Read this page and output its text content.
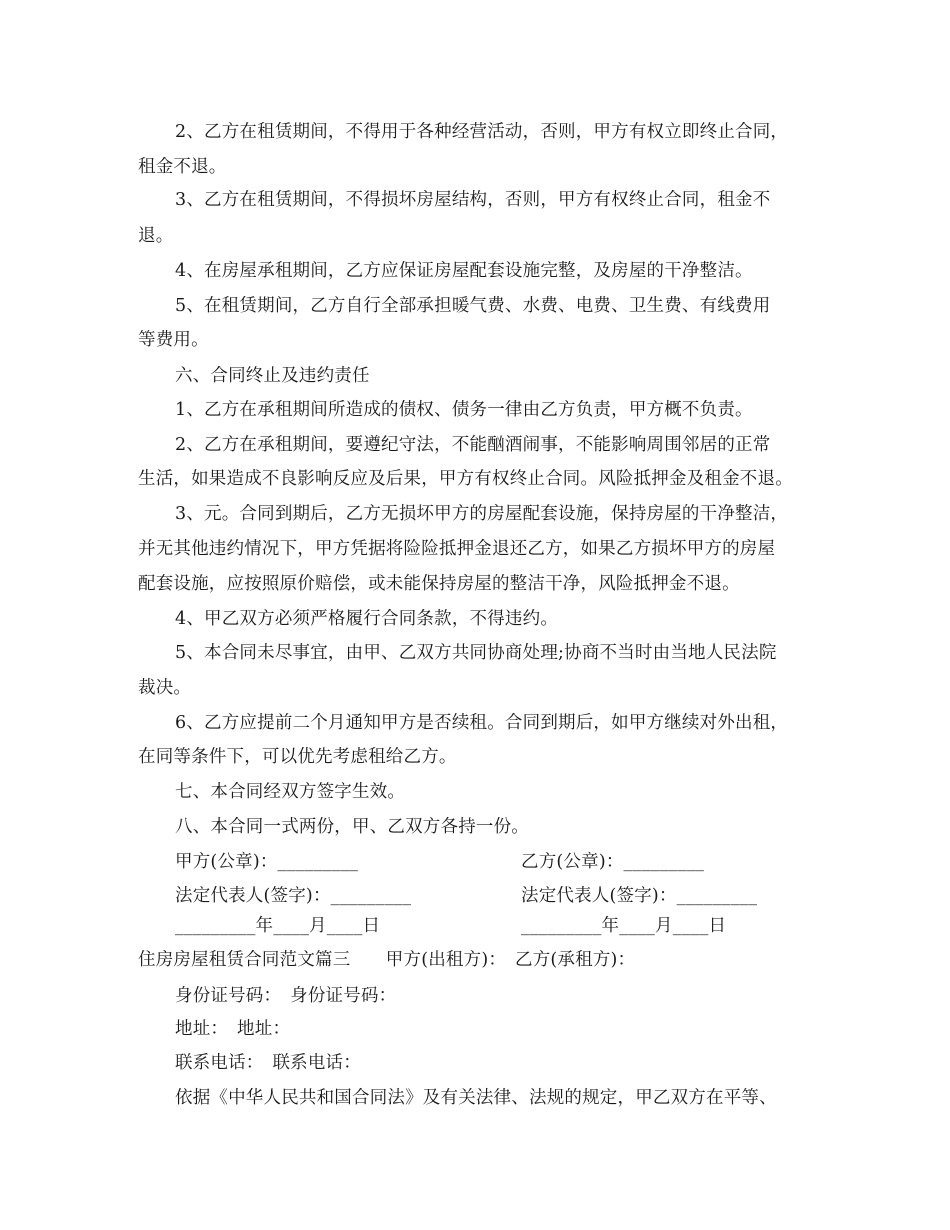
2、乙方在租赁期间，不得用于各种经营活动，否则，甲方有权立即终止合同，
租金不退。
3、乙方在租赁期间，不得损坏房屋结构，否则，甲方有权终止合同，租金不
退。
4、在房屋承租期间，乙方应保证房屋配套设施完整，及房屋的干净整洁。
5、在租赁期间，乙方自行全部承担暖气费、水费、电费、卫生费、有线费用
等费用。
六、合同终止及违约责任
1、乙方在承租期间所造成的债权、债务一律由乙方负责，甲方概不负责。
2、乙方在承租期间，要遵纪守法，不能酗酒闹事，不能影响周围邻居的正常
生活，如果造成不良影响反应及后果，甲方有权终止合同。风险抵押金及租金不退。
3、元。合同到期后，乙方无损坏甲方的房屋配套设施，保持房屋的干净整洁，
并无其他违约情况下，甲方凭据将险险抵押金退还乙方，如果乙方损坏甲方的房屋
配套设施，应按照原价赔偿，或未能保持房屋的整洁干净，风险抵押金不退。
4、甲乙双方必须严格履行合同条款，不得违约。
5、本合同未尽事宜，由甲、乙双方共同协商处理;协商不当时由当地人民法院
裁决。
6、乙方应提前二个月通知甲方是否续租。合同到期后，如甲方继续对外出租，
在同等条件下，可以优先考虑租给乙方。
七、本合同经双方签字生效。
八、本合同一式两份，甲、乙双方各持一份。
甲方(公章)：_________	乙方(公章)：_________
法定代表人(签字)：_________	法定代表人(签字)：_________
_________年____月____日	_________年____月____日
住房房屋租赁合同范文篇三　　甲方(出租方)：　乙方(承租方)：
身份证号码：　身份证号码：
地址：　地址：
联系电话：　联系电话：
依据《中华人民共和国合同法》及有关法律、法规的规定，甲乙双方在平等、
